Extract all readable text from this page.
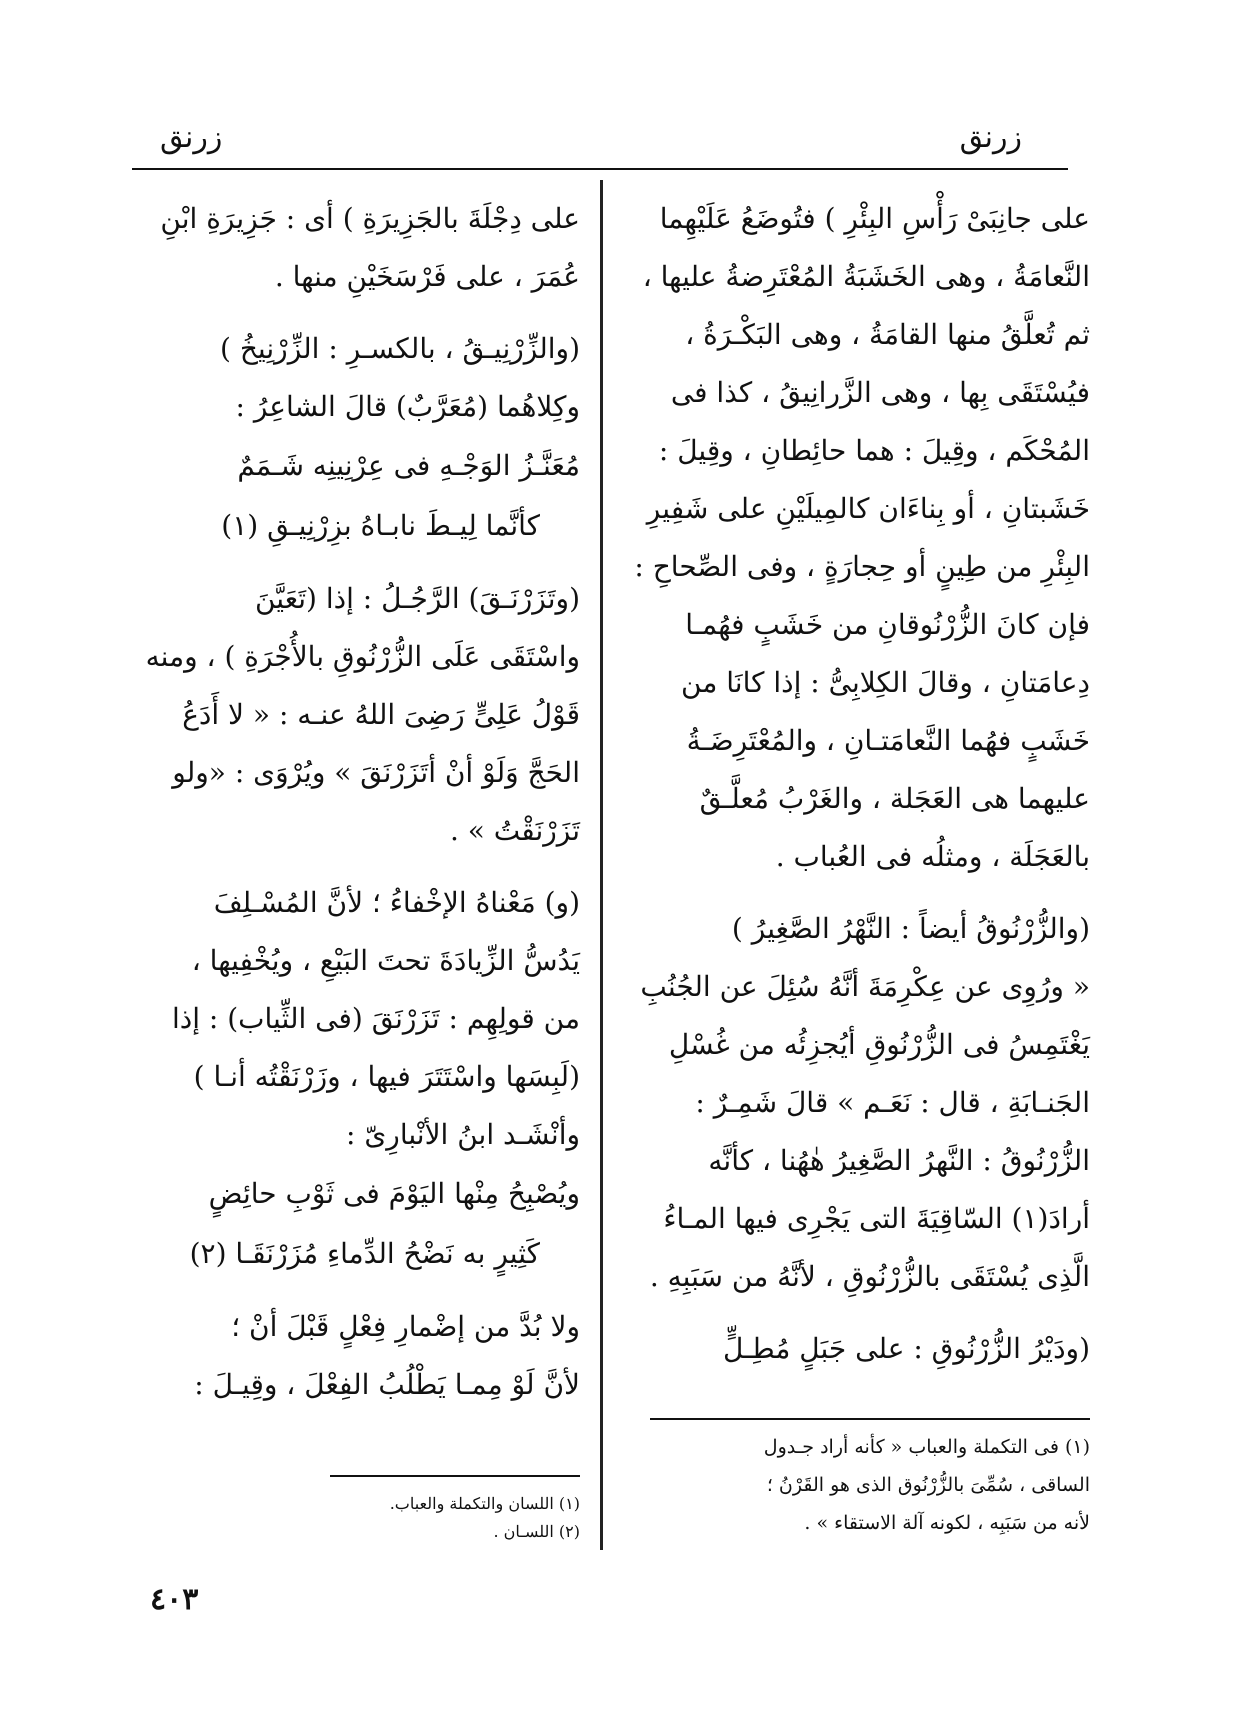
زرنق
زرنق
على جانِبَىْ رَأْسِ البِئْرِ ) فتُوضَعُ عَلَيْهِما
النَّعامَةُ ، وهى الخَشَبَةُ المُعْتَرِضةُ عليها ،
ثم تُعلَّقُ منها القامَةُ ، وهى البَكْـرَةُ ،
فيُسْتَقَى بِها ، وهى الزَّرانِيقُ ، كذا فى
المُحْكَم ، وقِيلَ : هما حائِطانِ ، وقِيلَ :
خَشَبتانِ ، أو بِناءَان كالمِيلَيْنِ على شَفِيرِ
البِئْرِ من طِينٍ أو حِجارَةٍ ، وفى الصِّحاحِ :
فإن كانَ الزُّرْنُوقانِ من خَشَبٍ فهُمـا
دِعامَتانِ ، وقالَ الكِلابِىُّ : إذا كانَا من
خَشَبٍ فهُما النَّعامَتـانِ ، والمُعْتَرِضَـةُ
عليهما هى العَجَلة ، والغَرْبُ مُعلَّـقٌ
بالعَجَلَة ، ومثلُه فى العُباب .
(والزُّرْنُوقُ أيضاً : النَّهْرُ الصَّغِيرُ )
« ورُوِى عن عِكْرِمَةَ أنَّهُ سُئِلَ عن الجُنُبِ
يَغْتَمِسُ فى الزُّرْنُوقِ أيُجزِئُه من غُسْلِ
الجَنـابَةِ ، قال : نَعَـم » قالَ شَمِـرٌ :
الزُّرْنُوقُ : النَّهرُ الصَّغِيرُ هٰهُنا ، كأنَّه
أرادَ(١) السّاقِيَةَ التى يَجْرِى فيها المـاءُ
الَّذِى يُسْتَقَى بالزُّرْنُوقِ ، لأنَّهُ من سَبَبِهِ .
(ودَيْرُ الزُّرْنُوقِ : على جَبَلٍ مُطِـلٍّ
(١) فى التكملة والعباب « كأنه أراد جـدول
الساقى ، سُمِّىَ بالزُّرْنُوق الذى هو القَرْنُ ؛
لأنه من سَبَبِه ، لكونه آلة الاستقاء » .
على دِجْلَةَ بالجَزِيرَةِ ) أى : جَزِيرَةِ ابْنِ
عُمَرَ ، على فَرْسَخَيْنِ منها .
(والزِّرْنِيـقُ ، بالكسـرِ : الزِّرْنِيخُ )
وكِلاهُما (مُعَرَّبٌ) قالَ الشاعِرُ :
مُعَنَّـزُ الوَجْـهِ فى عِرْنِينِه شَـمَمٌ
كأنَّما لِيـطَ نابـاهُ بزِرْنِيـقِ (١)
(وتَزَرْنَـقَ) الرَّجُـلُ : إذا (تَعَيَّنَ
واسْتَقَى عَلَى الزُّرْنُوقِ بالأُجْرَةِ ) ، ومنه
قَوْلُ عَلِىٍّ رَضِىَ اللهُ عنـه : « لا أَدَعُ
الحَجَّ وَلَوْ أنْ أتَزَرْنَقَ » ويُرْوَى : «ولو
تَزَرْنَقْتُ » .
(و) مَعْناهُ الإخْفاءُ ؛ لأنَّ المُسْـلِفَ
يَدُسُّ الزِّيادَةَ تحتَ البَيْعِ ، ويُخْفِيها ،
من قولِهِم : تَزَرْنَقَ (فى الثِّياب) : إذا
(لَبِسَها واسْتَتَرَ فيها ، وزَرْنَقْتُه أنـا )
وأنْشَـد ابنُ الأنْبارِىّ :
ويُصْبِحُ مِنْها اليَوْمَ فى ثَوْبِ حائِضٍ
كَثِيرٍ به نَضْحُ الدِّماءِ مُزَرْنَقَـا (٢)
ولا بُدَّ من إضْمارِ فِعْلٍ قَبْلَ أنْ ؛
لأنَّ لَوْ مِمـا يَطْلُبُ الفِعْلَ ، وقِيـلَ :
(١) اللسان والتكملة والعباب.
(٢) اللسـان .
٤٠٣
